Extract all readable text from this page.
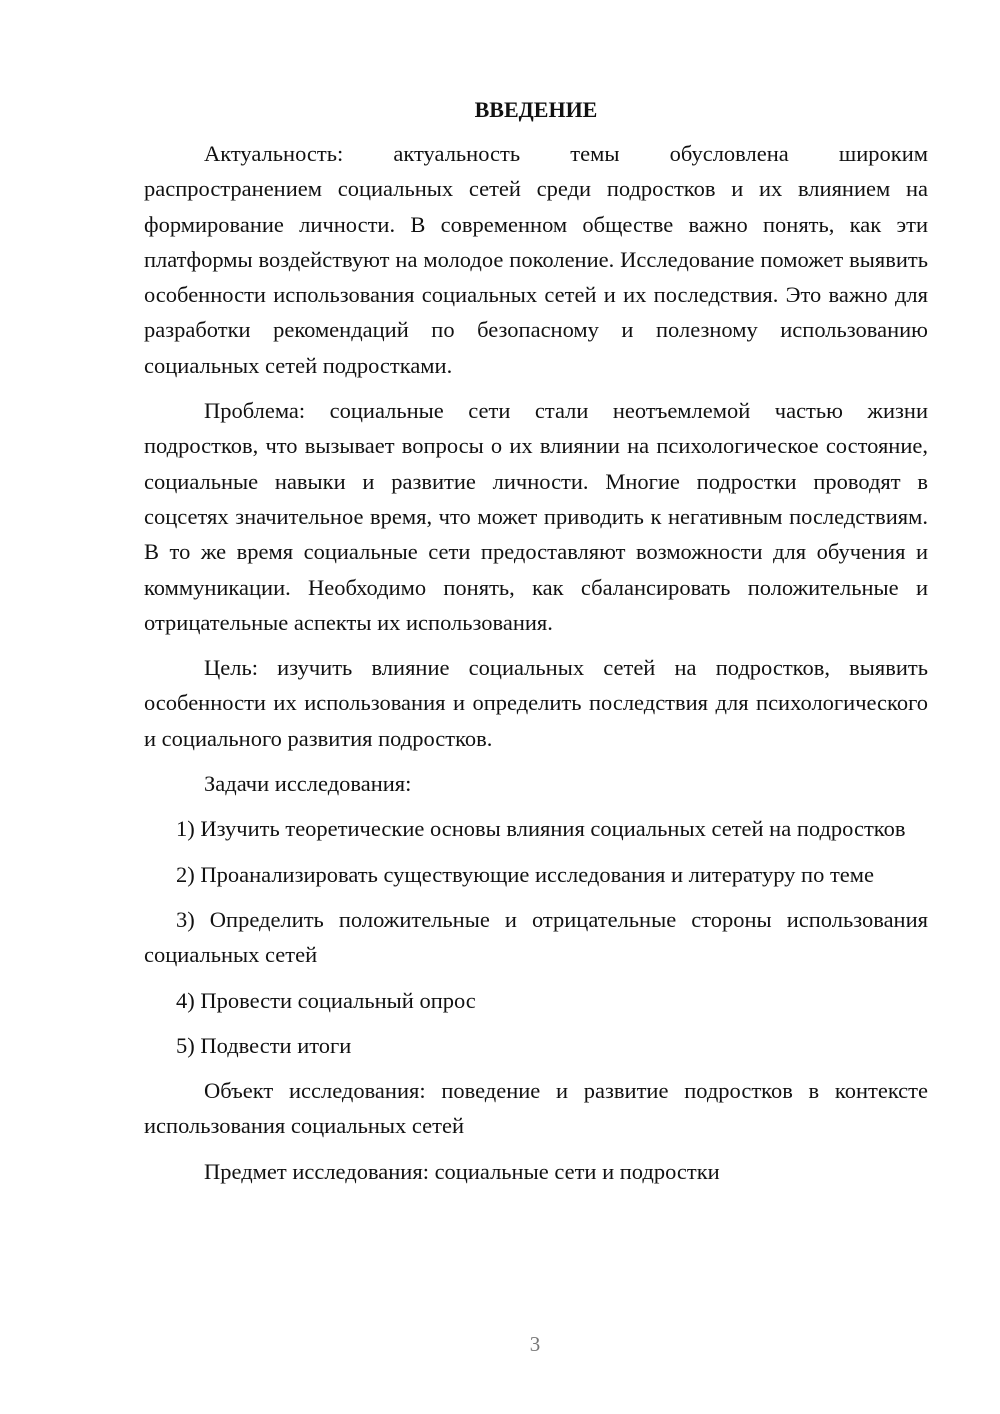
ВВЕДЕНИЕ

Актуальность: актуальность темы обусловлена широким распространением социальных сетей среди подростков и их влиянием на формирование личности. В современном обществе важно понять, как эти платформы воздействуют на молодое поколение. Исследование поможет выявить особенности использования социальных сетей и их последствия. Это важно для разработки рекомендаций по безопасному и полезному использованию социальных сетей подростками.

Проблема: социальные сети стали неотъемлемой частью жизни подростков, что вызывает вопросы о их влиянии на психологическое состояние, социальные навыки и развитие личности. Многие подростки проводят в соцсетях значительное время, что может приводить к негативным последствиям. В то же время социальные сети предоставляют возможности для обучения и коммуникации. Необходимо понять, как сбалансировать положительные и отрицательные аспекты их использования.

Цель: изучить влияние социальных сетей на подростков, выявить особенности их использования и определить последствия для психологического и социального развития подростков.

Задачи исследования:

1) Изучить теоретические основы влияния социальных сетей на подростков

2) Проанализировать существующие исследования и литературу по теме

3) Определить положительные и отрицательные стороны использования социальных сетей

4) Провести социальный опрос

5) Подвести итоги

Объект исследования: поведение и развитие подростков в контексте использования социальных сетей

Предмет исследования: социальные сети и подростки

3
